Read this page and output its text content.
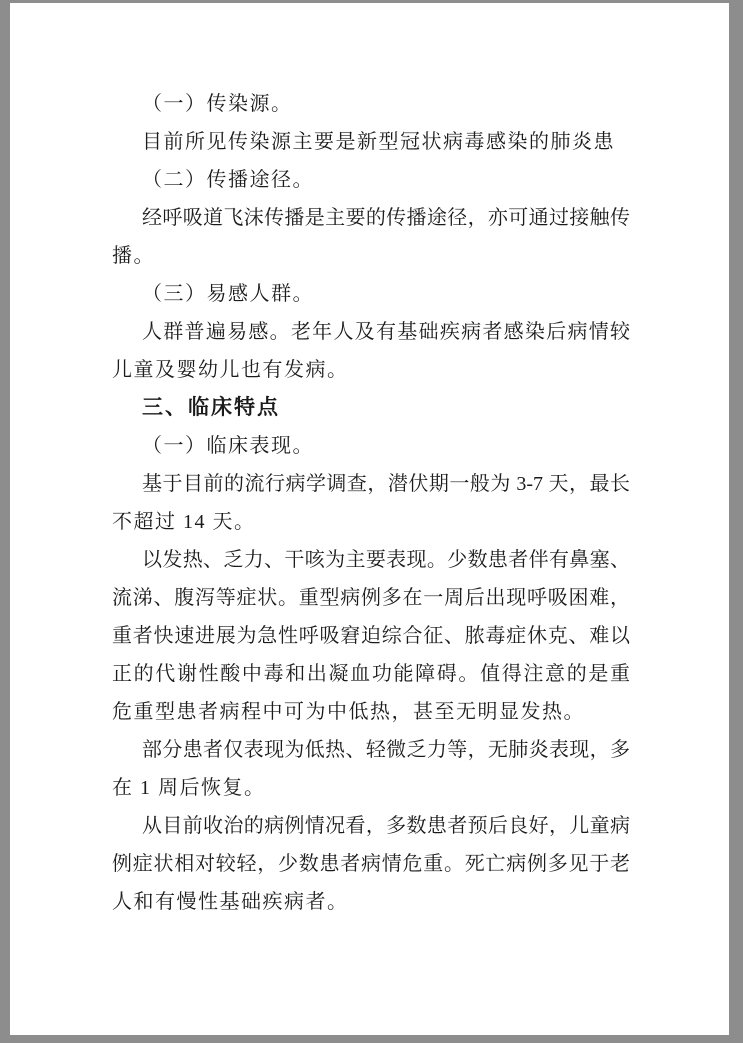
（一）传染源。
目前所见传染源主要是新型冠状病毒感染的肺炎患
（二）传播途径。
经呼吸道飞沫传播是主要的传播途径，亦可通过接触传
播。
（三）易感人群。
人群普遍易感。老年人及有基础疾病者感染后病情较
儿童及婴幼儿也有发病。
三、临床特点
（一）临床表现。
基于目前的流行病学调查，潜伏期一般为 3-7 天，最长
不超过 14 天。
以发热、乏力、干咳为主要表现。少数患者伴有鼻塞、
流涕、腹泻等症状。重型病例多在一周后出现呼吸困难，
重者快速进展为急性呼吸窘迫综合征、脓毒症休克、难以
正的代谢性酸中毒和出凝血功能障碍。值得注意的是重
危重型患者病程中可为中低热，甚至无明显发热。
部分患者仅表现为低热、轻微乏力等，无肺炎表现，多
在 1 周后恢复。
从目前收治的病例情况看，多数患者预后良好，儿童病
例症状相对较轻，少数患者病情危重。死亡病例多见于老
人和有慢性基础疾病者。
